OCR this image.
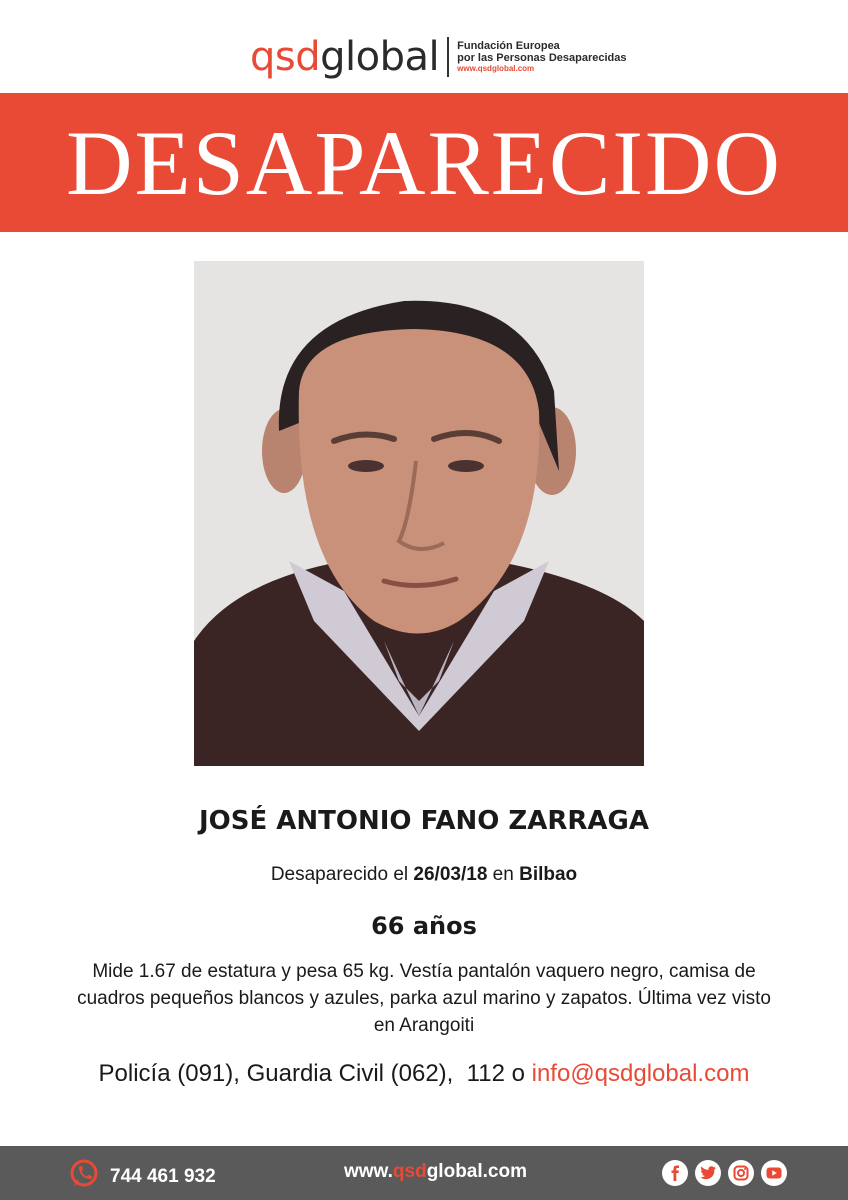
qsdglobal Fundación Europea
por las Personas Desaparecidas
www.qsdglobal.com
DESAPARECIDO
JOSÉ ANTONIO FANO ZARRAGA
Desaparecido el 26/03/18 en Bilbao
66 años
Mide 1.67 de estatura y pesa 65 kg. Vestía pantalón vaquero negro, camisa de cuadros pequeños blancos y azules, parka azul marino y zapatos. Última vez visto en Arangoiti
Policía (091), Guardia Civil (062),  112 o info@qsdglobal.com
744 461 932	www.qsdglobal.com
